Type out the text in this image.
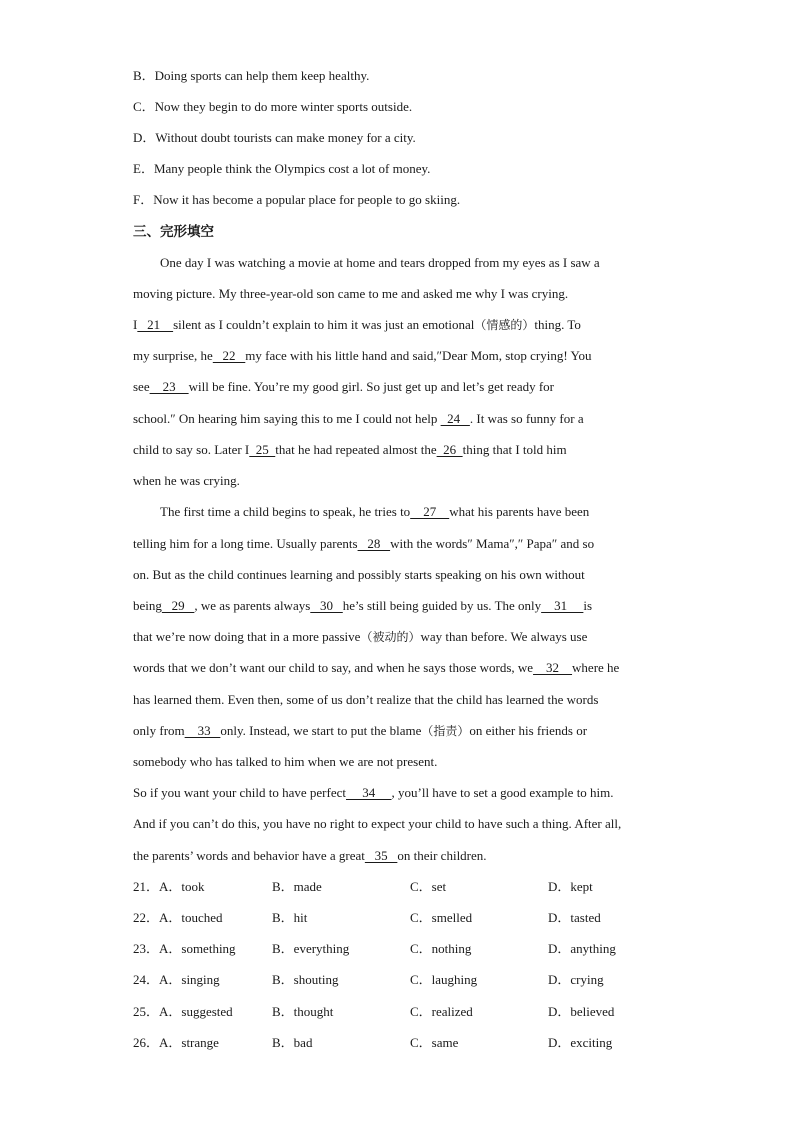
B．Doing sports can help them keep healthy.
C．Now they begin to do more winter sports outside.
D．Without doubt tourists can make money for a city.
E．Many people think the Olympics cost a lot of money.
F．Now it has become a popular place for people to go skiing.
三、完形填空
One day I was watching a movie at home and tears dropped from my eyes as I saw a
moving picture. My three-year-old son came to me and asked me why I was crying.
I   21    silent as I couldn’t explain to him it was just an emotional（情感的）thing. To
my surprise, he   22   my face with his little hand and said,″Dear Mom, stop crying! You
see    23    will be fine. You’re my good girl. So just get up and let’s get ready for
school.″ On hearing him saying this to me I could not help   24   . It was so funny for a
child to say so. Later I  25  that he had repeated almost the  26  thing that I told him
when he was crying.
The first time a child begins to speak, he tries to    27    what his parents have been
telling him for a long time. Usually parents   28   with the words″ Mama″,″ Papa″ and so
on. But as the child continues learning and possibly starts speaking on his own without
being   29   , we as parents always   30   he’s still being guided by us. The only    31     is
that we’re now doing that in a more passive（被动的）way than before. We always use
words that we don’t want our child to say, and when he says those words, we    32    where he
has learned them. Even then, some of us don’t realize that the child has learned the words
only from    33   only. Instead, we start to put the blame（指责）on either his friends or
somebody who has talked to him when we are not present.
So if you want your child to have perfect     34     , you’ll have to set a good example to him.
And if you can’t do this, you have no right to expect your child to have such a thing. After all,
the parents’ words and behavior have a great   35   on their children.
21．A．took	B．made	C．set	D．kept
22．A．touched	B．hit	C．smelled	D．tasted
23．A．something	B．everything	C．nothing	D．anything
24．A．singing	B．shouting	C．laughing	D．crying
25．A．suggested	B．thought	C．realized	D．believed
26．A．strange	B．bad	C．same	D．exciting
